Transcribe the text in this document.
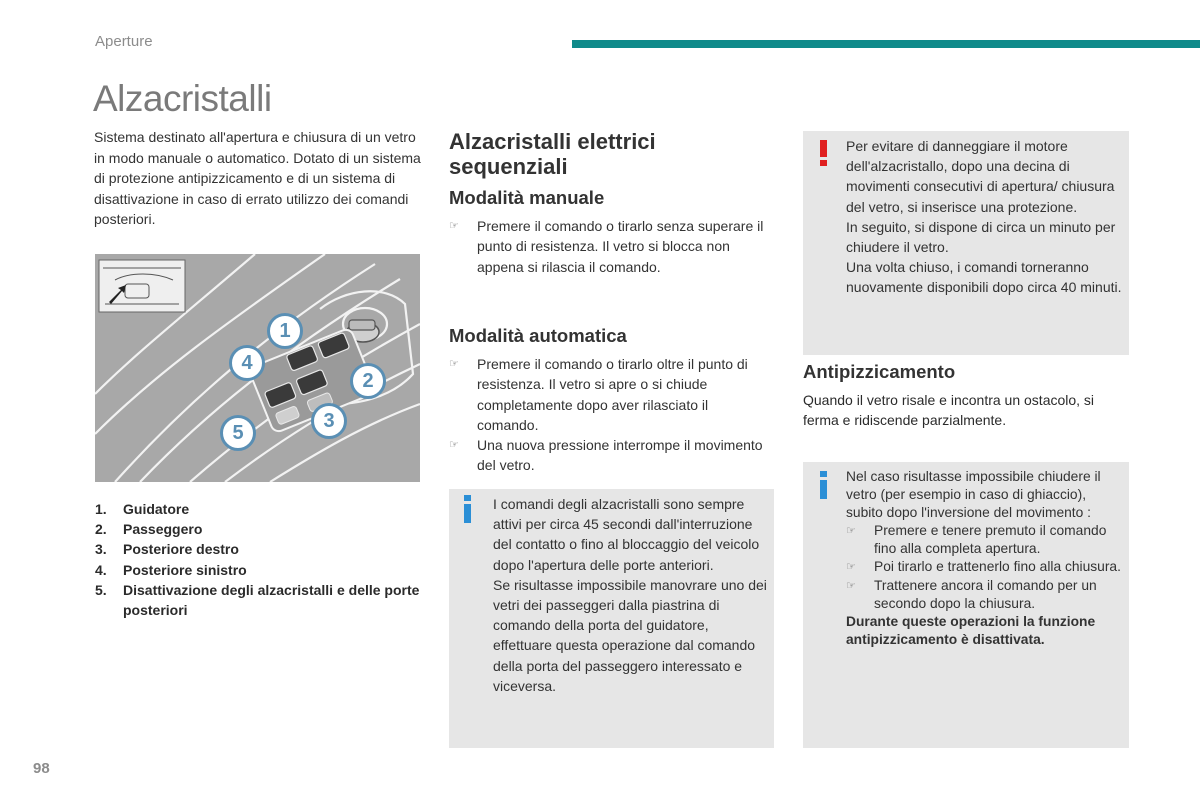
Aperture
Alzacristalli
Sistema destinato all'apertura e chiusura di un vetro in modo manuale o automatico. Dotato di un sistema di protezione antipizzicamento e di un sistema di disattivazione in caso di errato utilizzo dei comandi posteriori.
1
2
3
4
5
1.	Guidatore
2.	Passeggero
3.	Posteriore destro
4.	Posteriore sinistro
5.	Disattivazione degli alzacristalli e delle porte posteriori
Alzacristalli elettrici sequenziali
Modalità manuale
☞ Premere il comando o tirarlo senza superare il punto di resistenza. Il vetro si blocca non appena si rilascia il comando.
Modalità automatica
☞ Premere il comando o tirarlo oltre il punto di resistenza. Il vetro si apre o si chiude completamente dopo aver rilasciato il comando.
☞ Una nuova pressione interrompe il movimento del vetro.
I comandi degli alzacristalli sono sempre attivi per circa 45 secondi dall'interruzione del contatto o fino al bloccaggio del veicolo dopo l'apertura delle porte anteriori.
Se risultasse impossibile manovrare uno dei vetri dei passeggeri dalla piastrina di comando della porta del guidatore, effettuare questa operazione dal comando della porta del passeggero interessato e viceversa.
Per evitare di danneggiare il motore dell'alzacristallo, dopo una decina di movimenti consecutivi di apertura/ chiusura del vetro, si inserisce una protezione.
In seguito, si dispone di circa un minuto per chiudere il vetro.
Una volta chiuso, i comandi torneranno nuovamente disponibili dopo circa 40 minuti.
Antipizzicamento
Quando il vetro risale e incontra un ostacolo, si ferma e ridiscende parzialmente.
Nel caso risultasse impossibile chiudere il vetro (per esempio in caso di ghiaccio), subito dopo l'inversione del movimento :
☞ Premere e tenere premuto il comando fino alla completa apertura.
☞ Poi tirarlo e trattenerlo fino alla chiusura.
☞ Trattenere ancora il comando per un secondo dopo la chiusura.
Durante queste operazioni la funzione antipizzicamento è disattivata.
98
